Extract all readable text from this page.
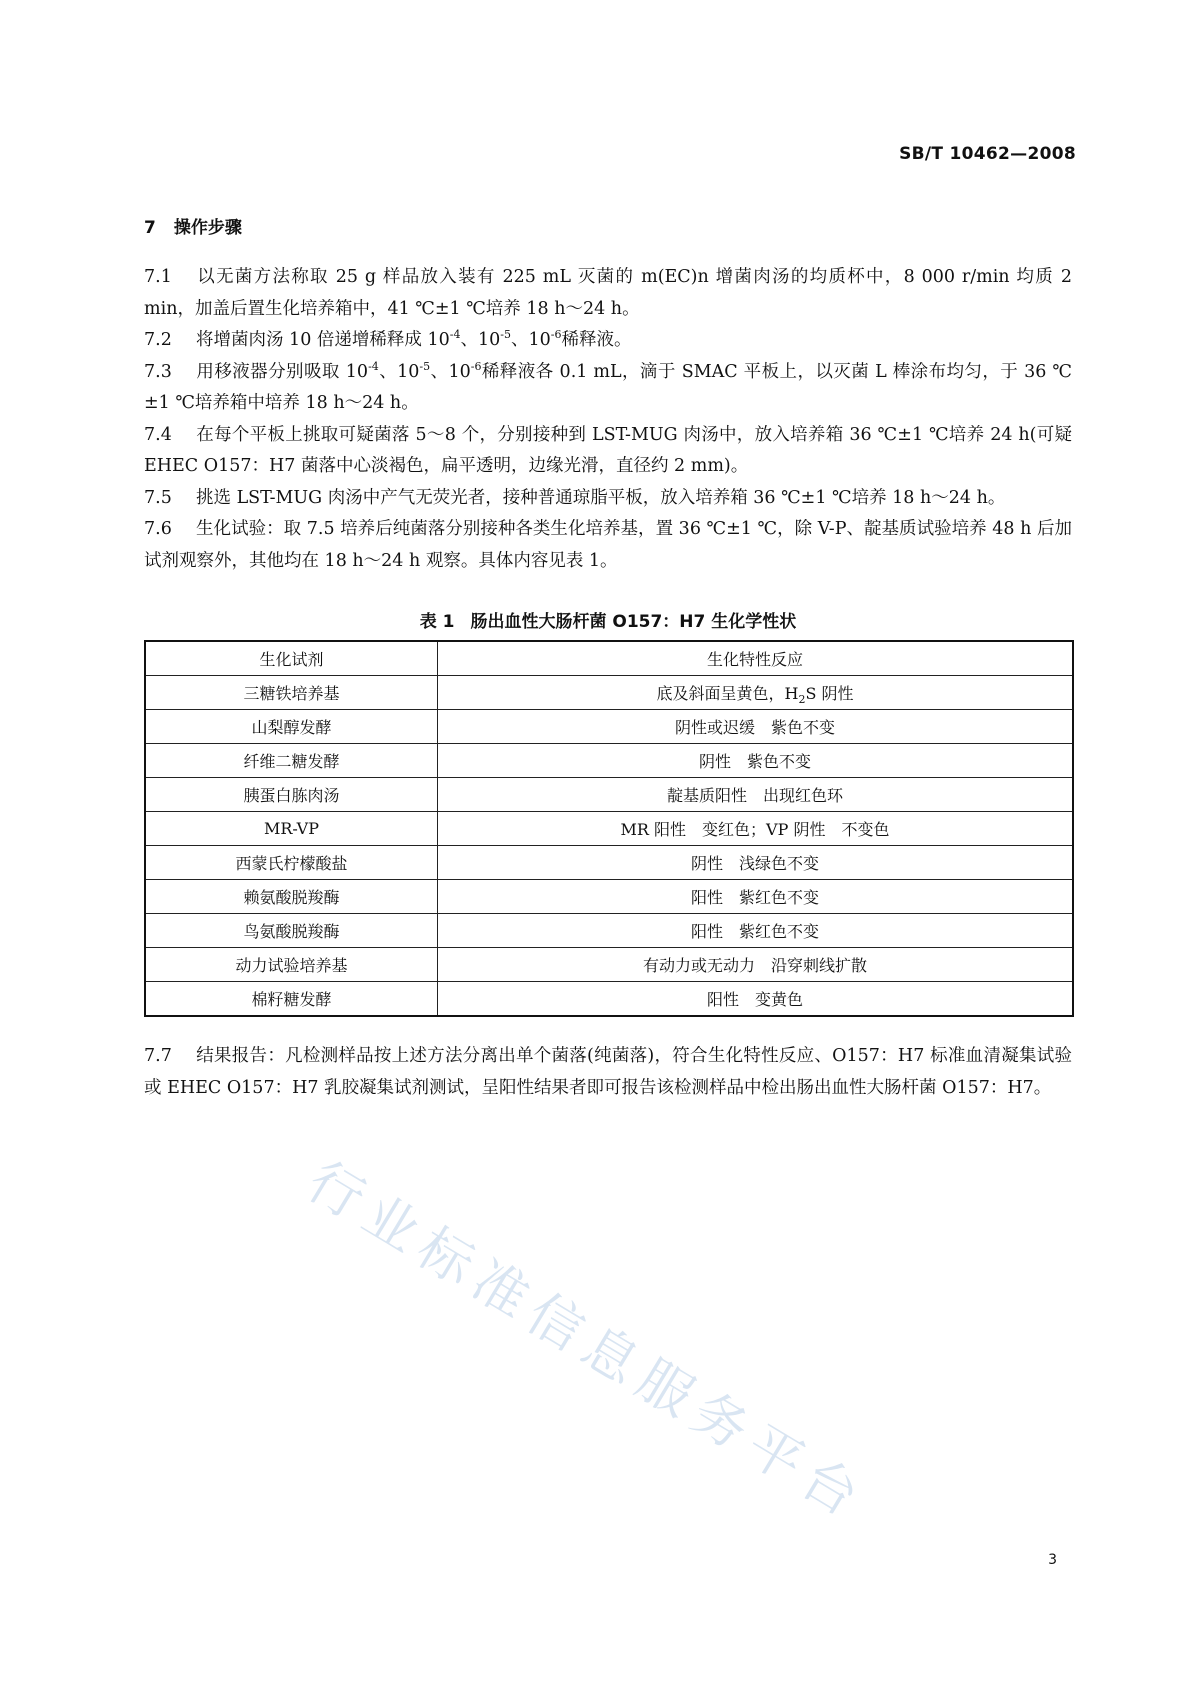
SB/T 10462—2008
7 操作步骤

7.1 以无菌方法称取 25 g 样品放入装有 225 mL 灭菌的 m(EC)n 增菌肉汤的均质杯中，8 000 r/min 均质 2 min，加盖后置生化培养箱中，41 ℃±1 ℃培养 18 h～24 h。

7.2 将增菌肉汤 10 倍递增稀释成 $10^{-4}$、$10^{-5}$、$10^{-6}$稀释液。

7.3 用移液器分别吸取 $10^{-4}$、$10^{-5}$、$10^{-6}$稀释液各 0.1 mL，滴于 SMAC 平板上，以灭菌 L 棒涂布均匀，于 36 ℃±1 ℃培养箱中培养 18 h～24 h。

7.4 在每个平板上挑取可疑菌落 5～8 个，分别接种到 LST-MUG 肉汤中，放入培养箱 36 ℃±1 ℃培养 24 h(可疑 EHEC O157：H7 菌落中心淡褐色，扁平透明，边缘光滑，直径约 2 mm)。

7.5 挑选 LST-MUG 肉汤中产气无荧光者，接种普通琼脂平板，放入培养箱 36 ℃±1 ℃培养 18 h～24 h。

7.6 生化试验：取 7.5 培养后纯菌落分别接种各类生化培养基，置 36 ℃±1 ℃，除 V-P、靛基质试验培养 48 h 后加试剂观察外，其他均在 18 h～24 h 观察。具体内容见表 1。

表 1 肠出血性大肠杆菌 O157：H7 生化学性状
生化试剂	生化特性反应
三糖铁培养基	底及斜面呈黄色，$H_2S$ 阴性
山梨醇发酵	阴性或迟缓　紫色不变
纤维二糖发酵	阴性　紫色不变
胰蛋白胨肉汤	靛基质阳性　出现红色环
MR-VP	MR 阳性　变红色；VP 阴性　不变色
西蒙氏柠檬酸盐	阴性　浅绿色不变
赖氨酸脱羧酶	阳性　紫红色不变
鸟氨酸脱羧酶	阳性　紫红色不变
动力试验培养基	有动力或无动力　沿穿刺线扩散
棉籽糖发酵	阳性　变黄色

7.7 结果报告：凡检测样品按上述方法分离出单个菌落(纯菌落)，符合生化特性反应、O157：H7 标准血清凝集试验或 EHEC O157：H7 乳胶凝集试剂测试，呈阳性结果者即可报告该检测样品中检出肠出血性大肠杆菌 O157：H7。

行业标准信息服务平台
3
